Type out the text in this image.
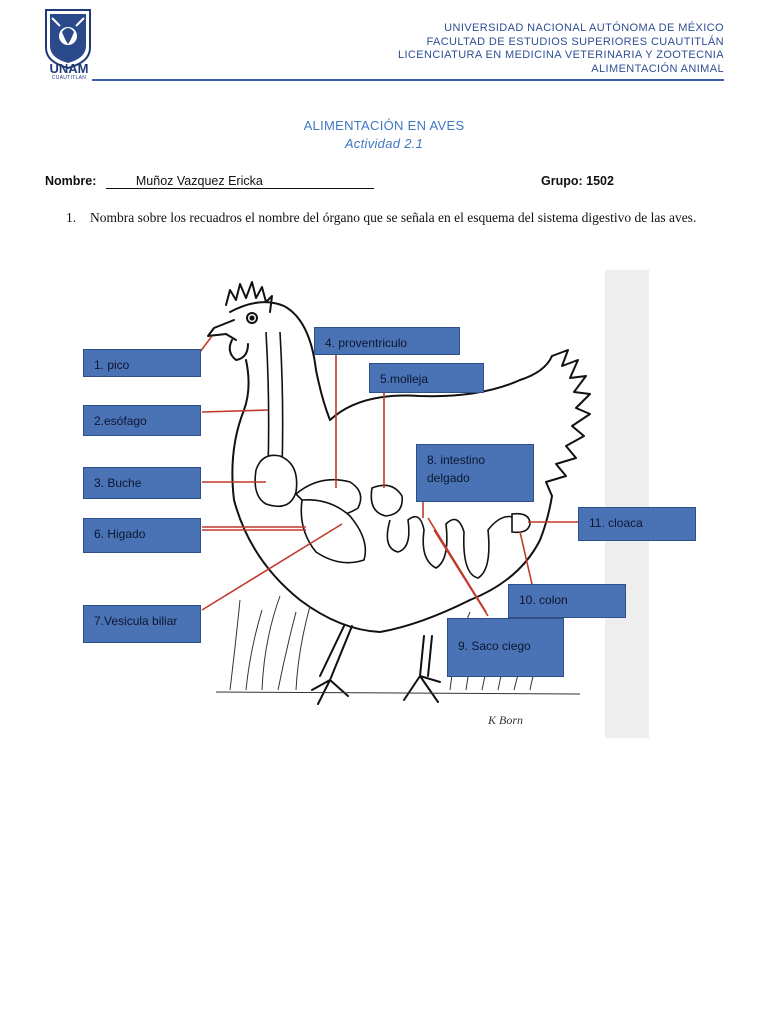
UNAM
CUAUTITLAN
UNIVERSIDAD NACIONAL AUTÓNOMA DE MÉXICO
FACULTAD DE ESTUDIOS SUPERIORES CUAUTITLÁN
LICENCIATURA EN MEDICINA VETERINARIA Y ZOOTECNIA
ALIMENTACIÓN ANIMAL
ALIMENTACIÓN EN AVES
Actividad 2.1
Nombre:	Muñoz Vazquez Ericka	Grupo: 1502
1.	Nombra sobre los recuadros el nombre del órgano que se señala en el esquema del sistema digestivo de las aves.
K Born
1. pico
2.esófago
3. Buche
4. proventriculo
5.molleja
6. Higado
7.Vesicula biliar
8. intestino delgado
9. Saco ciego
10. colon
11. cloaca
